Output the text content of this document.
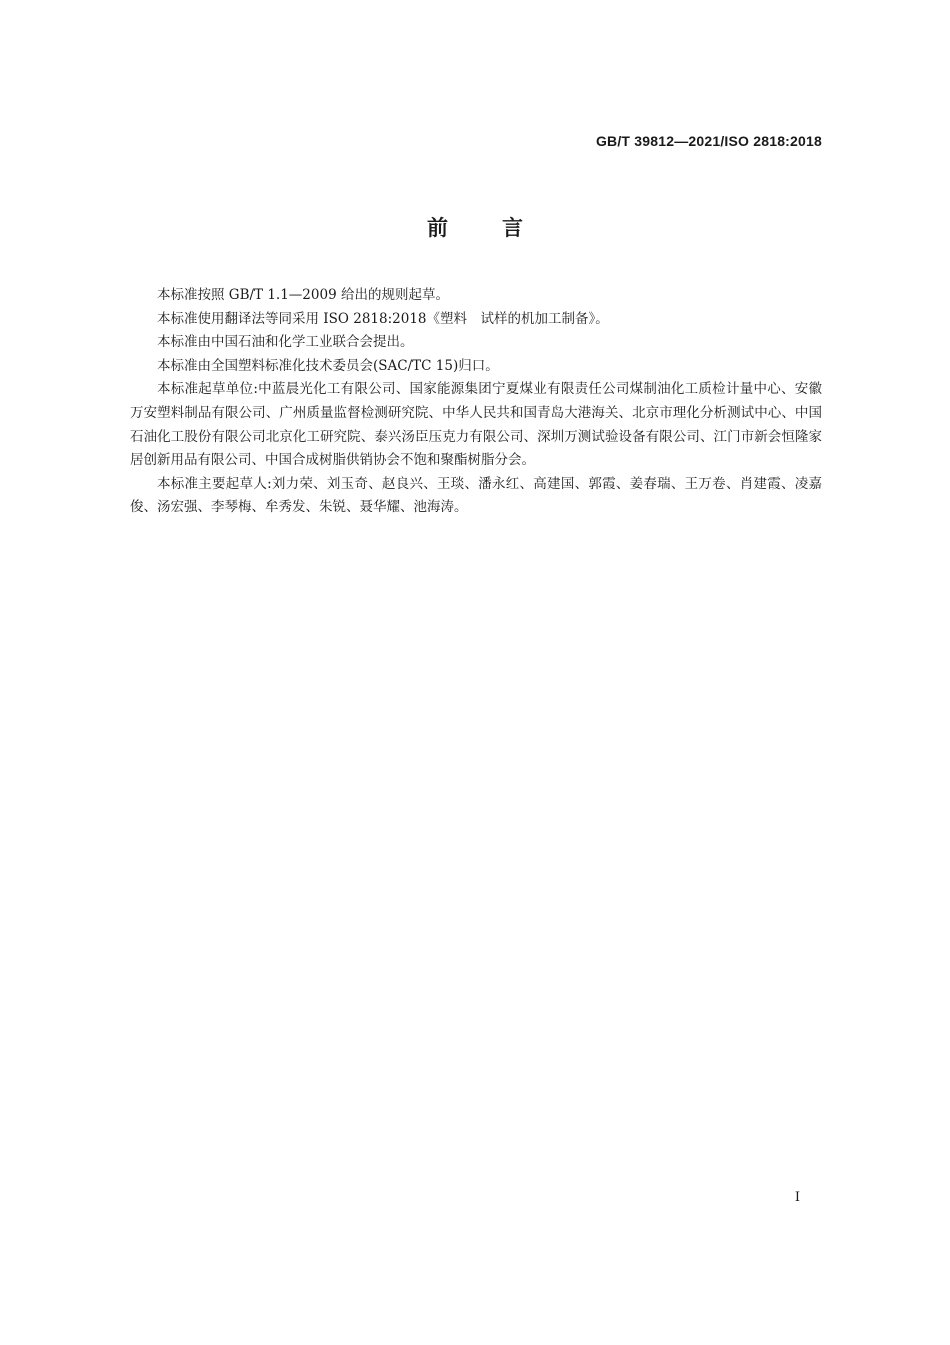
GB/T 39812—2021/ISO 2818:2018
前言

本标准按照 GB/T 1.1—2009 给出的规则起草。

本标准使用翻译法等同采用 ISO 2818:2018《塑料　试样的机加工制备》。

本标准由中国石油和化学工业联合会提出。

本标准由全国塑料标准化技术委员会(SAC/TC 15)归口。

本标准起草单位:中蓝晨光化工有限公司、国家能源集团宁夏煤业有限责任公司煤制油化工质检计量中心、安徽万安塑料制品有限公司、广州质量监督检测研究院、中华人民共和国青岛大港海关、北京市理化分析测试中心、中国石油化工股份有限公司北京化工研究院、泰兴汤臣压克力有限公司、深圳万测试验设备有限公司、江门市新会恒隆家居创新用品有限公司、中国合成树脂供销协会不饱和聚酯树脂分会。

本标准主要起草人:刘力荣、刘玉奇、赵良兴、王琰、潘永红、高建国、郭霞、姜春瑞、王万卷、肖建霞、凌嘉俊、汤宏强、李琴梅、牟秀发、朱锐、聂华耀、池海涛。

I
